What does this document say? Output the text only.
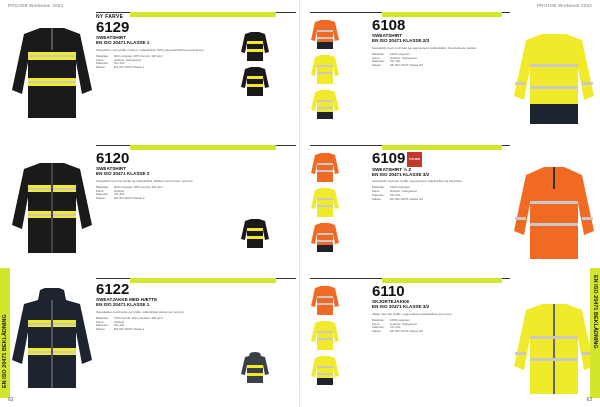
PROJOB Workwear 2024
NY FARVE
6129
SWEATSHIRT
EN ISO 20471 KLASSE 1
Sweatshirt med lynlås i halsen, refleksbånd. 60% polyester/40% bomuld fleece.
Materiale:	60% polyester, 40% bomuld, 320 g/m²
Farve:	Gul/sort, Orange/sort
Størrelse:	XS–4XL
Klasse:	EN ISO 20471 Klasse 1
6120
SWEATSHIRT
EN ISO 20471 KLASSE 2
Sweatshirt med hel lynlås og refleksbånd. Ribkant ved ærmer og bund.
Materiale:	60% polyester, 40% bomuld, 320 g/m²
Farve:	Gul/sort
Størrelse:	XS–4XL
Klasse:	EN ISO 20471 Klasse 2
6122
SWEATJAKKE MED HÆTTE
EN ISO 20471 KLASSE 1
Sweatjakke med hætte og lynlås, refleksbånd på ærmer og krop.
Materiale:	70% bomuld, 30% polyester, 280 g/m²
Farve:	Gul/sort
Størrelse:	XS–4XL
Klasse:	EN ISO 20471 Klasse 1
EN ISO 20471 BEKLÄDNING
62
PROJOB Workwear 2024
6108
SWEATSHIRT
EN ISO 20471 KLASSE 2/3
Sweatshirt med rund hals og segmenteret refleksbånd. Forstærkede skuldre.
Materiale:	100% polyester
Farve:	Gul/sort, Orange/sort
Størrelse:	XS–4XL
Klasse:	EN ISO 20471 Klasse 2/3
6109 NYHED
SWEATSHIRT ½ Z
EN ISO 20471 KLASSE 3/2
Sweatshirt med kort lynlås, segmenteret refleksbånd og høj krave.
Materiale:	100% polyester
Farve:	Gul/sort, Orange/sort
Størrelse:	XS–4XL
Klasse:	EN ISO 20471 Klasse 3/2
6110
SKJORTEJAKKE
EN ISO 20471 KLASSE 3/2
Jakke med hel lynlås, segmenteret refleksbånd og lommer.
Materiale:	100% polyester
Farve:	Gul/sort, Orange/sort
Størrelse:	XS–4XL
Klasse:	EN ISO 20471 Klasse 3/2	EN ISO 20471 BEKLÄDNING
63
